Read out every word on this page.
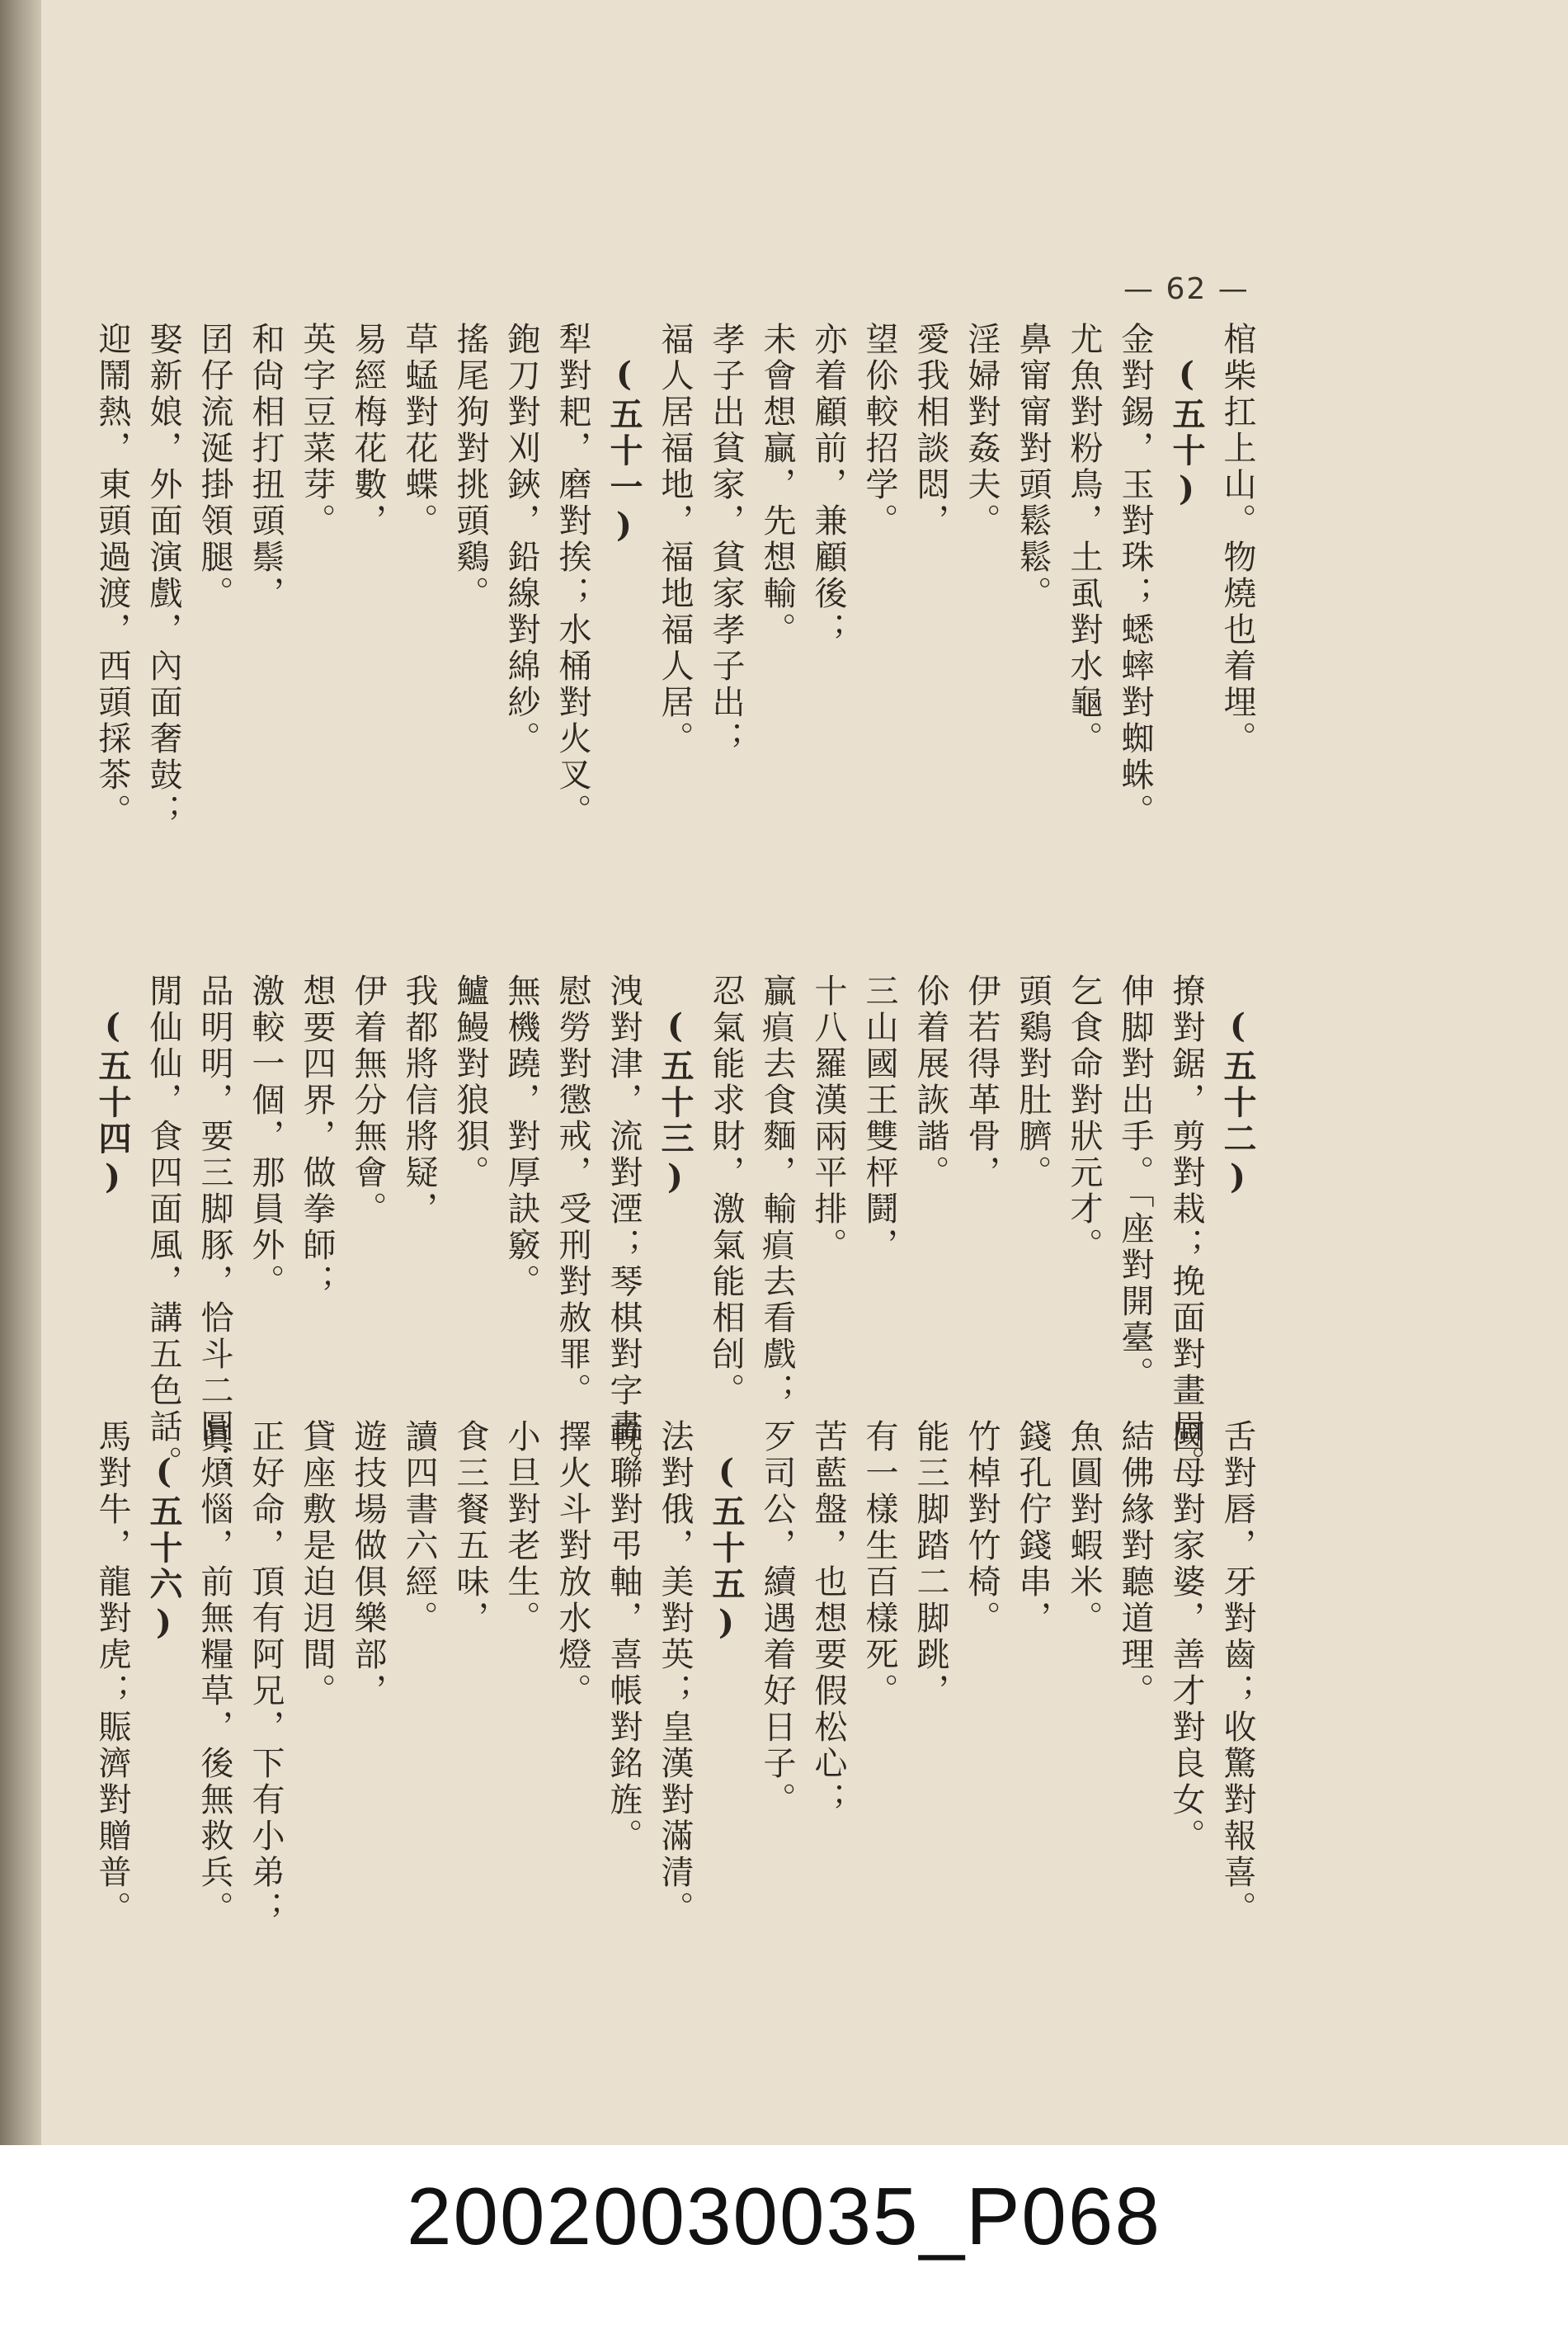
— 62 —
棺柴扛上山。物燒也着埋。
(五十)
金對錫，玉對珠；蟋蟀對蜘蛛。
尤魚對粉鳥，土虱對水龜。
鼻甯甯對頭鬆鬆。
淫婦對姦夫。
愛我相談悶，
望伱較招学。
亦着顧前，兼顧後；
未會想贏，先想輸。
孝子出貧家，貧家孝子出；
福人居福地，福地福人居。
(五十一)
犁對耙，磨對挨；水桶對火叉。
鉋刀對刈鋏，鉛線對綿紗。
搖尾狗對挑頭鷄。
草蜢對花蝶。
易經梅花數，
英字豆菜芽。
和尙相打扭頭鬃，
囝仔流涎掛領腿。
娶新娘，外面演戲，內面奢鼓；
迎鬧熱，東頭過渡，西頭採茶。
(五十二)
撩對鋸，剪對栽；挽面對畫眉。
伸脚對出手。「座對開臺。
乞食命對狀元才。
頭鷄對肚臍。
伊若得革骨，
伱着展詼諧。
三山國王雙枰鬪，
十八羅漢兩平排。
贏𤸫去食麵，輸𤸫去看戲；
忍氣能求財，激氣能相刣。
(五十三)
洩對津，流對湮；琴棋對字畫。
慰勞對懲戒，受刑對赦罪。
無機蹺，對厚訣竅。
鱸鰻對狼狽。
我都將信將疑，
伊着無分無會。
想要四界，做拳師；
激較一個，那員外。
品明明，要三脚豚，恰斗二圓；
閒仙仙，食四面風，講五色話。
(五十四)
舌對唇，牙對齒；收驚對報喜。
國母對家婆，善才對良女。
結佛緣對聽道理。
魚圓對蝦米。
錢孔佇錢串，
竹棹對竹椅。
能三脚踏二脚跳，
有一樣生百樣死。
苦藍盤，也想要假松心；
歹司公，續遇着好日子。
(五十五)
法對俄，美對英；皇漢對滿清。
輓聯對弔軸，喜帳對銘旌。
擇火斗對放水燈。
小旦對老生。
食三餐五味，
讀四書六經。
遊技場做俱樂部，
貸座敷是迫迌間。
正好命，頂有阿兄，下有小弟；
眞煩惱，前無糧草，後無救兵。
(五十六)
馬對牛，龍對虎；賑濟對贈普。
20020030035_P068
